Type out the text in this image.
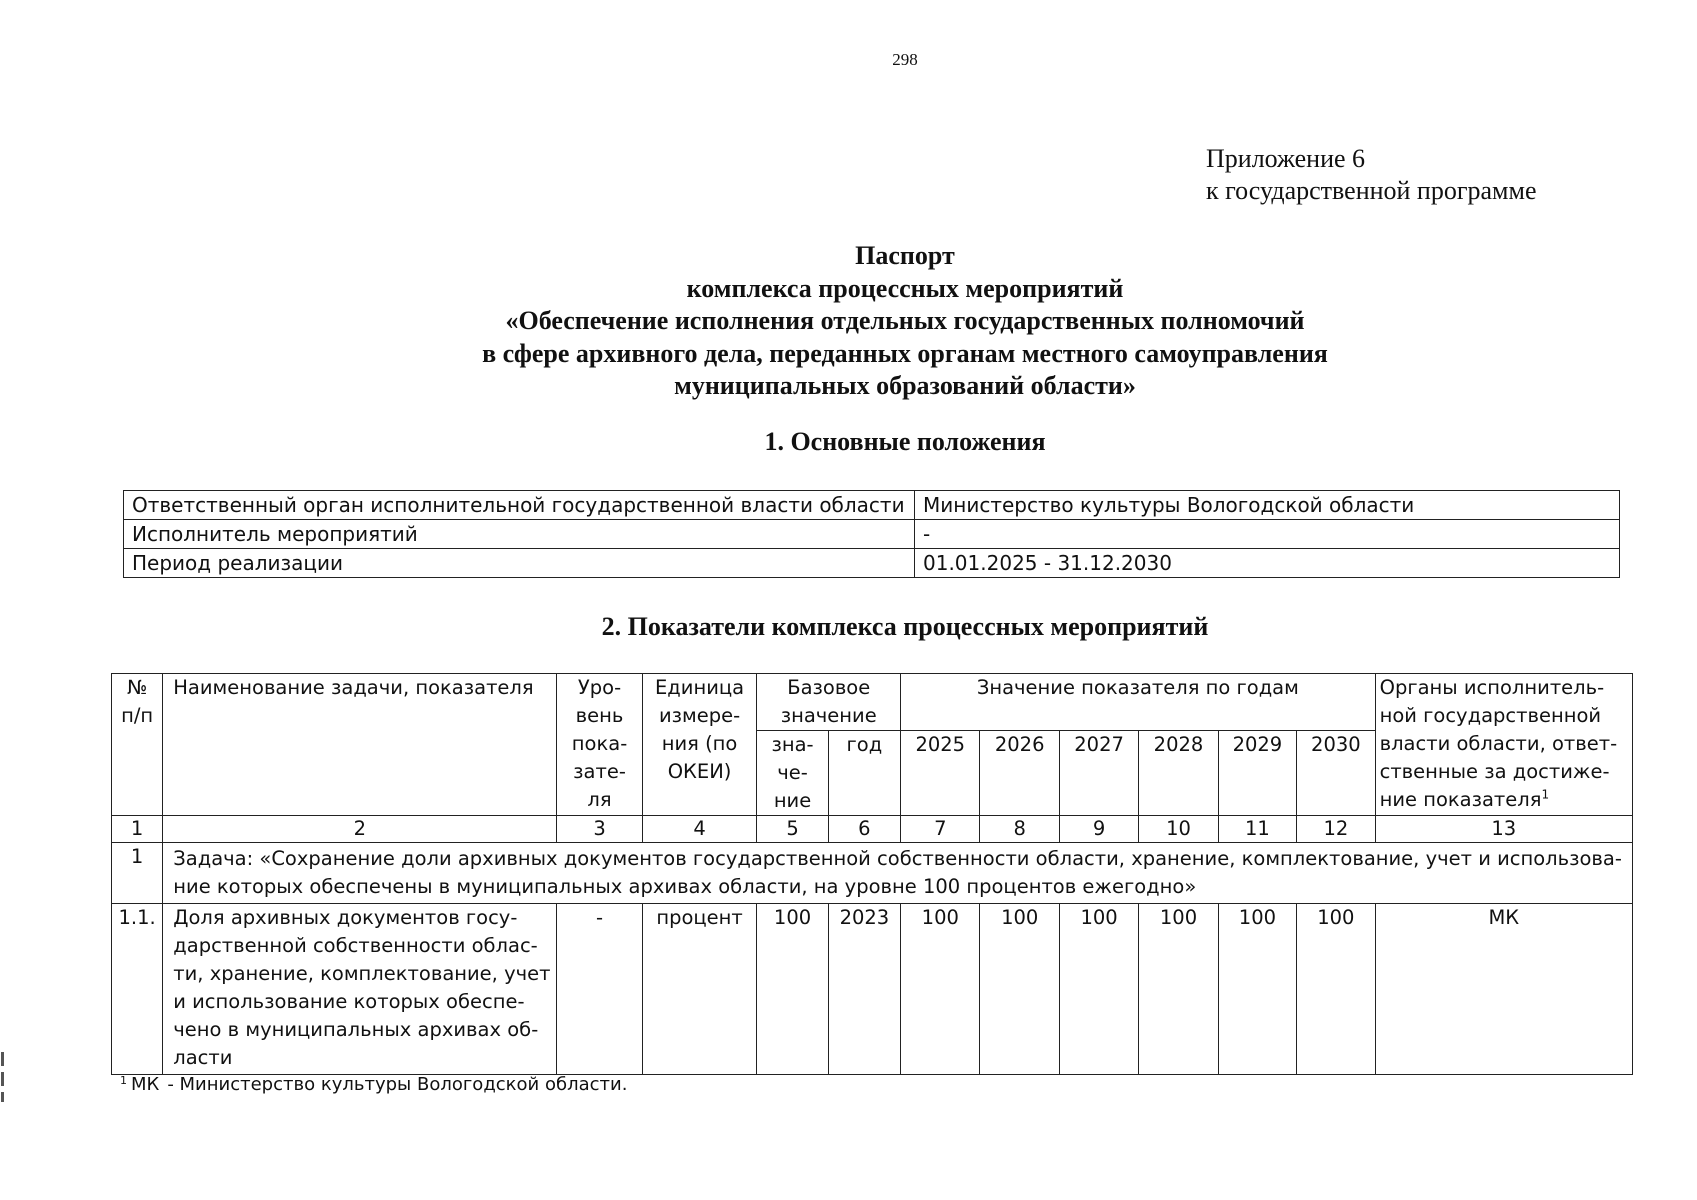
298
Приложение 6
к государственной программе
Паспорт
комплекса процессных мероприятий
«Обеспечение исполнения отдельных государственных полномочий
в сфере архивного дела, переданных органам местного самоуправления
муниципальных образований области»
1. Основные положения
Ответственный орган исполнительной государственной власти области	Министерство культуры Вологодской области
Исполнитель мероприятий	-
Период реализации	01.01.2025 - 31.12.2030
2. Показатели комплекса процессных мероприятий
№ п/п	Наименование задачи, показателя	Уро-вень пока-зате-ля	Единица измере-ния (по ОКЕИ)	Базовое значение		Значение показателя по годам						Органы исполнитель-ной государственной власти области, ответ-ственные за достиже-ние показателя$^1$
				зна-че-ние	год	2025	2026	2027	2028	2029	2030	
1	2	3	4	5	6	7	8	9	10	11	12	13
1	Задача: «Сохранение доли архивных документов государственной собственности области, хранение, комплектование, учет и использова-ние которых обеспечены в муниципальных архивах области, на уровне 100 процентов ежегодно»											
1.1.	Доля архивных документов госу-дарственной собственности облас-ти, хранение, комплектование, учет и использование которых обеспе-чено в муниципальных архивах об-ласти	-	процент	100	2023	100	100	100	100	100	100	МК
$^1$ МК - Министерство культуры Вологодской области.
